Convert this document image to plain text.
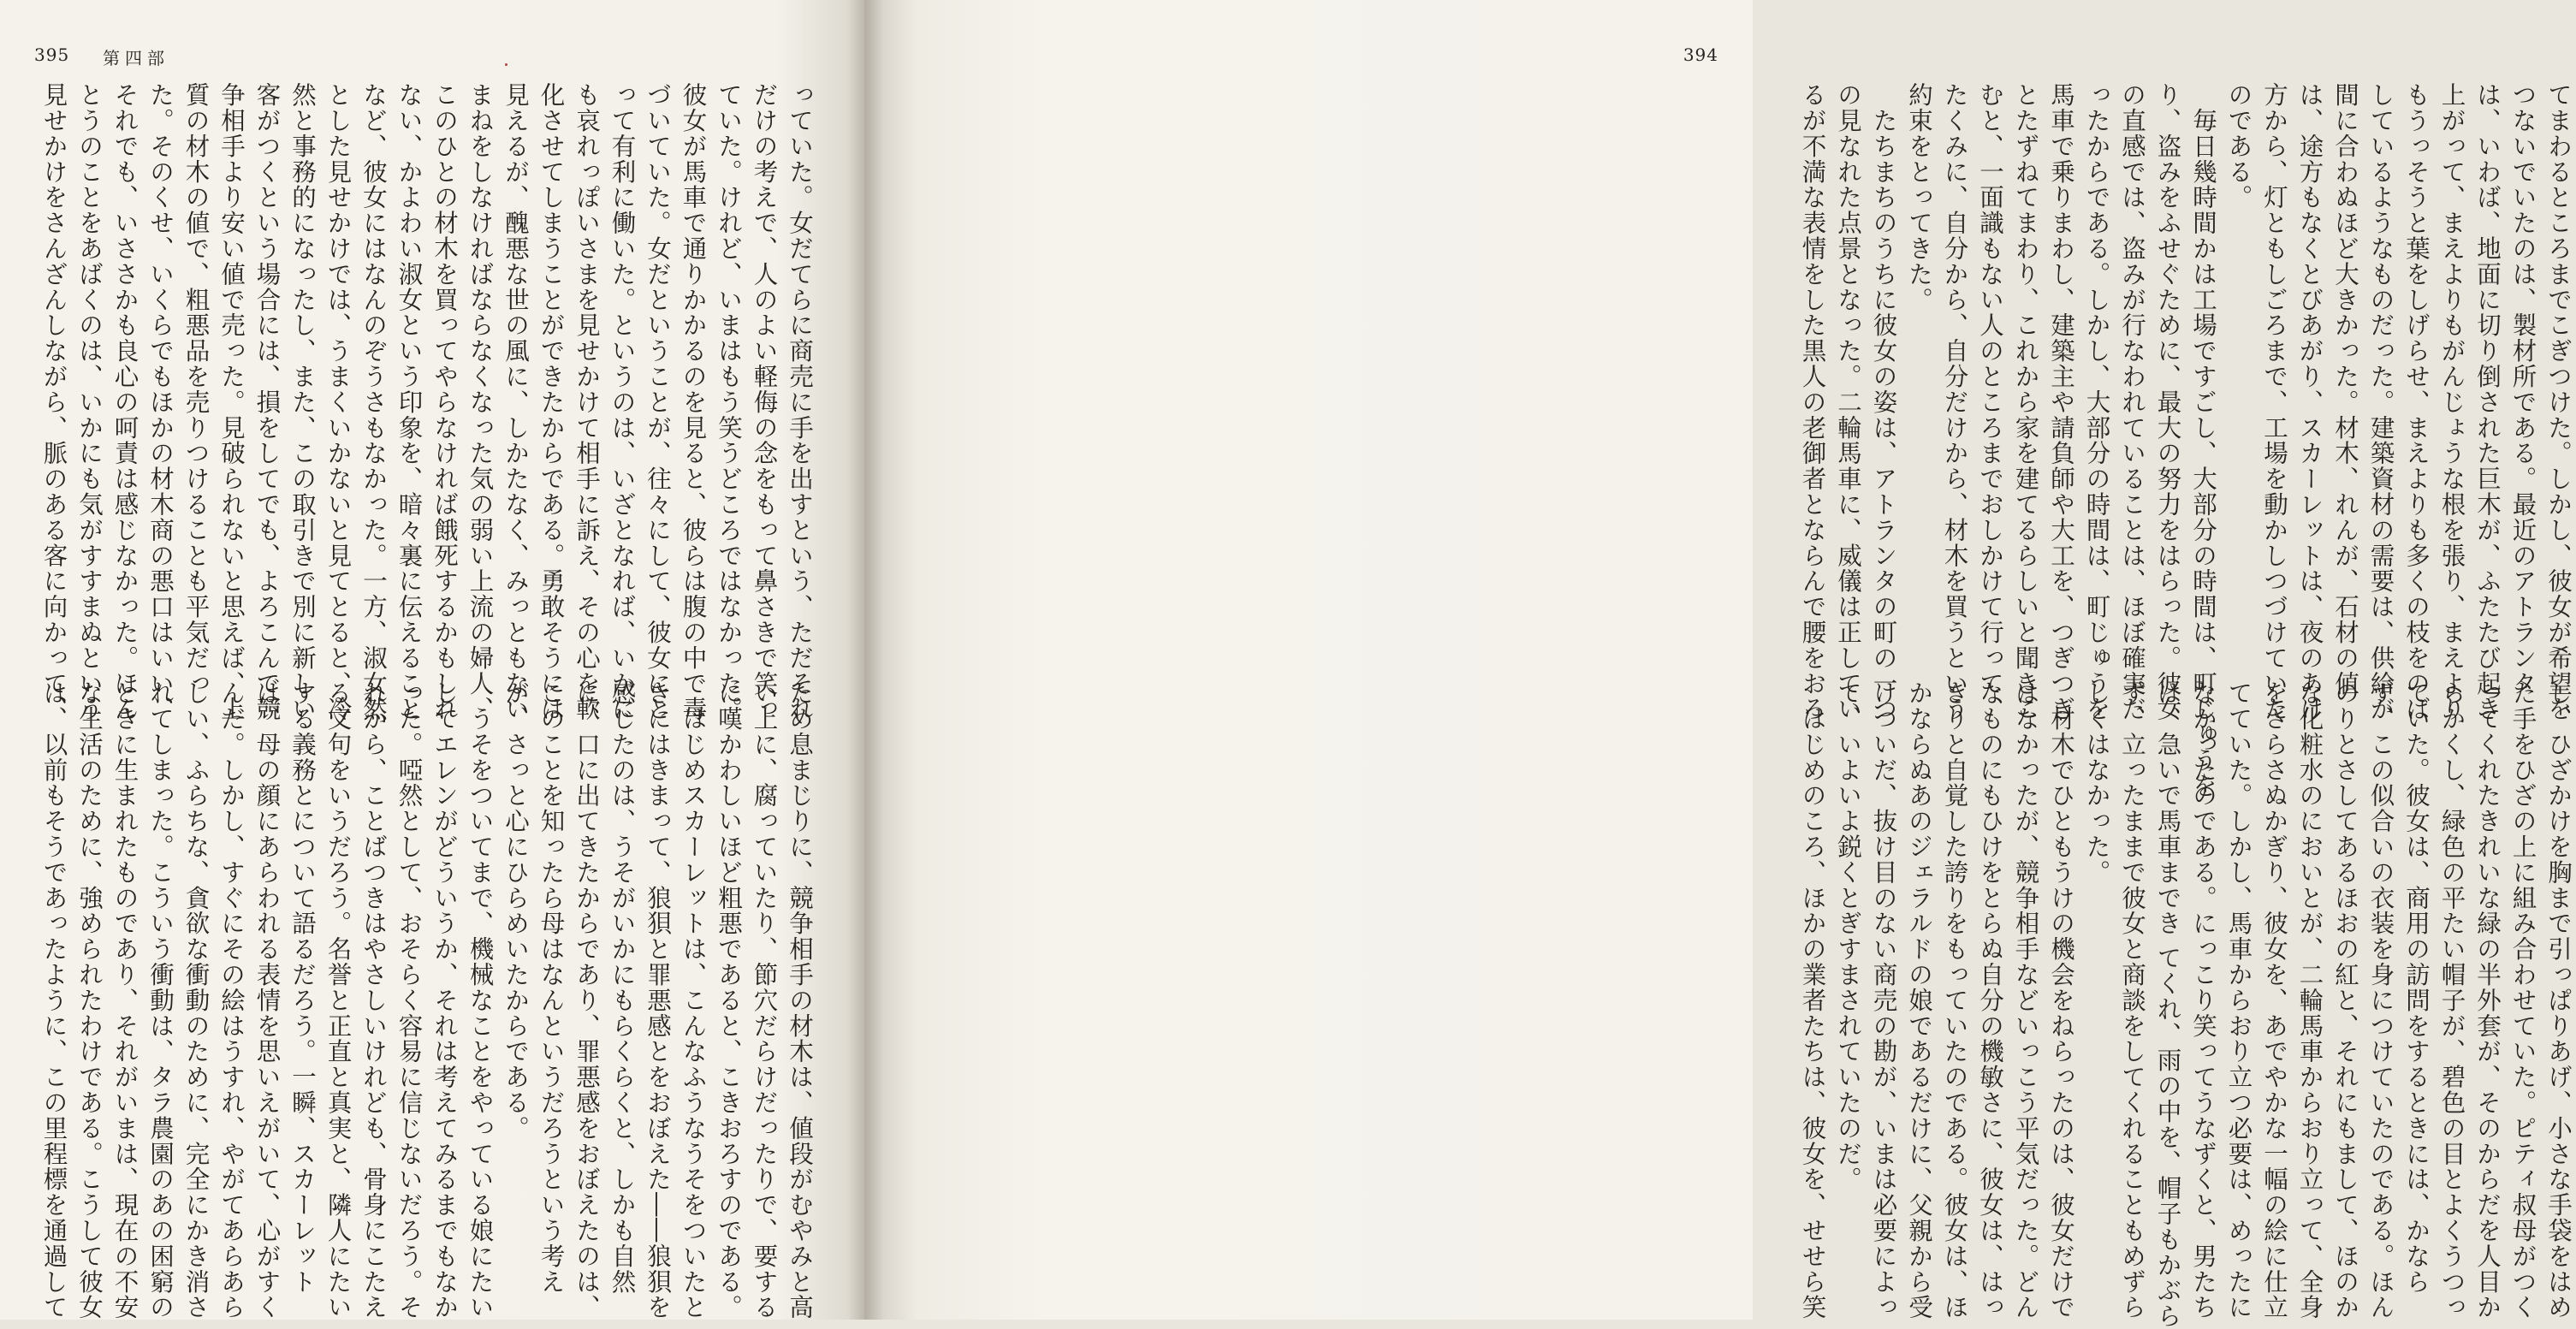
395 第四部

っていた。女だてらに商売に手を出すという、ただそれ

だけの考えで、人のよい軽侮の念をもって鼻さきで笑っ

ていた。けれど、いまはもう笑うどころではなかった。

彼女が馬車で通りかかるのを見ると、彼らは腹の中で毒

づいていた。女だということが、往々にして、彼女にと

って有利に働いた。というのは、いざとなれば、いかに

も哀れっぽいさまを見せかけて相手に訴え、その心を軟

化させてしまうことができたからである。勇敢そうには

見えるが、醜悪な世の風に、しかたなく、みっともない

まねをしなければならなくなった気の弱い上流の婦人、

このひとの材木を買ってやらなければ餓死するかもしれ

ない、かよわい淑女という印象を、暗々裏に伝えること

など、彼女にはなんのぞうさもなかった。一方、淑女然

とした見せかけでは、うまくいかないと見てとると、冷

然と事務的になったし、また、この取引きで別に新しい

客がつくという場合には、損をしてでも、よろこんで競

争相手より安い値で売った。見破られないと思えば、上

質の材木の値で、粗悪品を売りつけることも平気だっ

た。そのくせ、いくらでもほかの材木商の悪口はいい、

それでも、いささかも良心の呵責は感じなかった。ほん

とうのことをあばくのは、いかにも気がすすまぬという

見せかけをさんざんしながら、脈のある客に向かって、

ため息まじりに、競争相手の材木は、値段がむやみと高

い上に、腐っていたり、節穴だらけだったりで、要する

に嘆かわしいほど粗悪であると、こきおろすのである。

　はじめスカーレットは、こんなふうなうそをついたと

きにはきまって、狼狽と罪悪感とをおぼえた――狼狽を

感じたのは、うそがいかにもらくらくと、しかも自然

に、口に出てきたからであり、罪悪感をおぼえたのは、

このことを知ったら母はなんというだろうという考え

が、さっと心にひらめいたからである。

　うそをついてまで、機械なことをやっている娘にたい

してエレンがどういうか、それは考えてみるまでもなか

った。啞然として、おそらく容易に信じないだろう。そ

れから、ことばつきはやさしいけれども、骨身にこたえ

る文句をいうだろう。名誉と正直と真実と、隣人にたい

する義務とについて語るだろう。一瞬、スカーレット

は、母の顔にあらわれる表情を思いえがいて、心がすく

んだ。しかし、すぐにその絵はうすれ、やがてあらあら

しい、ふらちな、貪欲な衝動のために、完全にかき消さ

れてしまった。こういう衝動は、タラ農園のあの困窮の

ときに生まれたものであり、それがいまは、現在の不安

な生活のために、強められたわけである。こうして彼女

は、以前もそうであったように、この里程標を通過して

394

てまわるところまでこぎつけた。しかし、彼女が希望を

つないでいたのは、製材所である。最近のアトランタ

は、いわば、地面に切り倒された巨木が、ふたたび起き

上がって、まえよりもがんじょうな根を張り、まえより

もうっそうと葉をしげらせ、まえよりも多くの枝をのば

しているようなものだった。建築資材の需要は、供給が

間に合わぬほど大きかった。材木、れんが、石材の値

は、途方もなくとびあがり、スカーレットは、夜のあけ

方から、灯ともしごろまで、工場を動かしつづけていた

のである。

　毎日幾時間かは工場ですごし、大部分の時間は、町じゅうを

り、盗みをふせぐために、最大の努力をはらった。彼女

の直感では、盗みが行なわれていることは、ほぼ確実だ

ったからである。しかし、大部分の時間は、町じゅうを

馬車で乗りまわし、建築主や請負師や大工を、つぎつぎ

とたずねてまわり、これから家を建てるらしいと聞きこ

むと、一面識もない人のところまでおしかけて行って、

たくみに、自分から、自分だけから、材木を買うという

約束をとってきた。

　たちまちのうちに彼女の姿は、アトランタの町の一つ

の見なれた点景となった。二輪馬車に、威儀は正してい

るが不満な表情をした黒人の老御者とならんで腰をおろ

し、ひざかけを胸まで引っぱりあげ、小さな手袋をはめ

た手をひざの上に組み合わせていた。ピティ叔母がつく

ってくれたきれいな緑の半外套が、そのからだを人目か

らかくし、緑色の平たい帽子が、碧色の目とよくうつっ

ていた。彼女は、商用の訪問をするときには、かなら

ず、この似合いの衣装を身につけていたのである。ほん

のりとさしてあるほおの紅と、それにもまして、ほのか

な化粧水のにおいとが、二輪馬車からおり立って、全身

をさらさぬかぎり、彼女を、あでやかな一幅の絵に仕立

てていた。しかし、馬車からおり立つ必要は、めったに

なかったのである。にっこり笑ってうなずくと、男たち

は、急いで馬車までき てくれ、雨の中を、帽子もかぶら

ず、立ったままで彼女と商談をしてくれることもめずら

しくはなかった。

　材木でひともうけの機会をねらったのは、彼女だけで

はなかったが、競争相手などいっこう平気だった。どん

なものにもひけをとらぬ自分の機敏さに、彼女は、はっ

きりと自覚した誇りをもっていたのである。彼女は、ほ

かならぬあのジェラルドの娘であるだけに、父親から受

けついだ、抜け目のない商売の勘が、いまは必要によっ

て、いよいよ鋭くとぎすまされていたのだ。

　はじめのころ、ほかの業者たちは、彼女を、せせら笑
